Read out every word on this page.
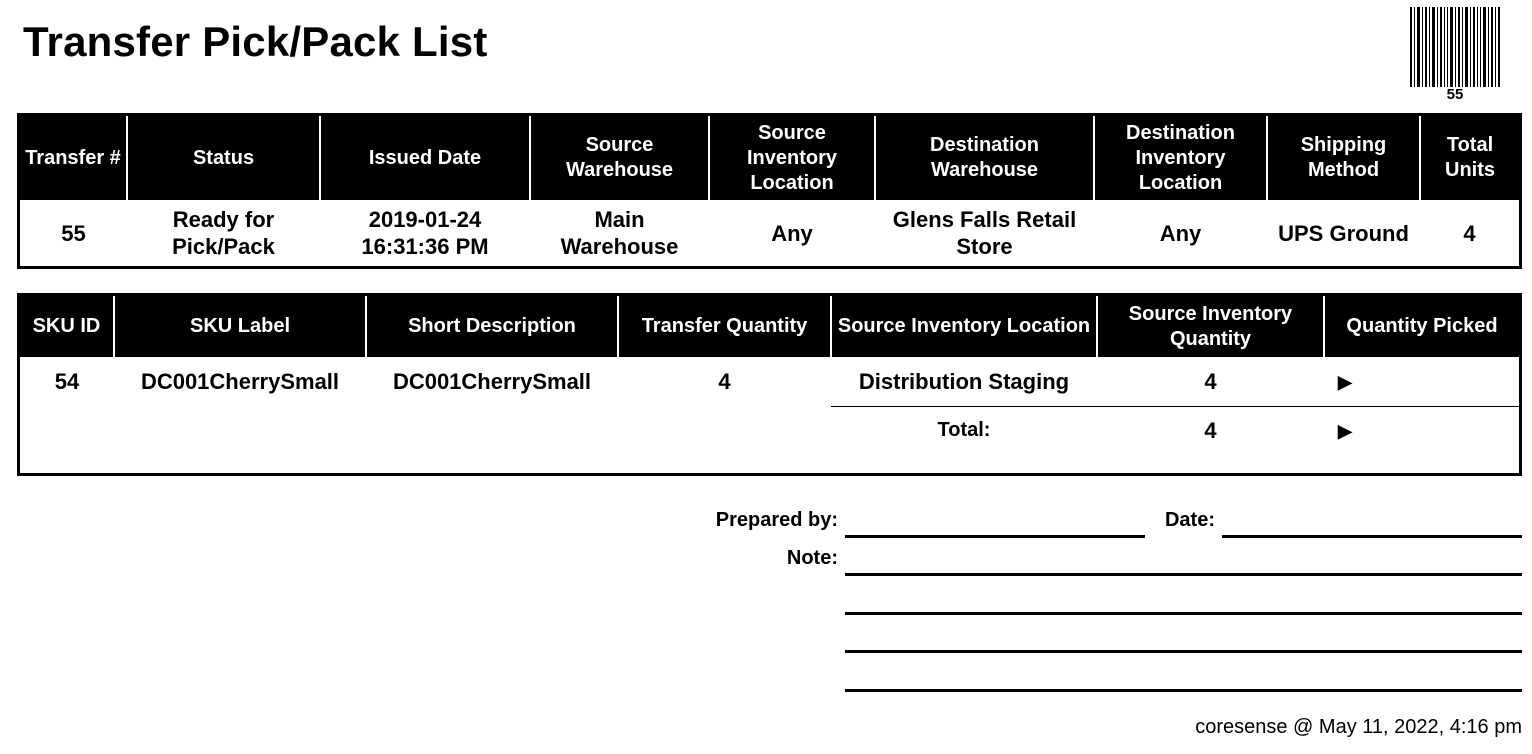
Transfer Pick/Pack List
55
Transfer #	Status	Issued Date	Source Warehouse	Source Inventory Location	Destination Warehouse	Destination Inventory Location	Shipping Method	Total Units
55	Ready for Pick/Pack	2019-01-24 16:31:36 PM	Main Warehouse	Any	Glens Falls Retail Store	Any	UPS Ground	4
SKU ID	SKU Label	Short Description	Transfer Quantity	Source Inventory Location	Source Inventory Quantity	Quantity Picked
54	DC001CherrySmall	DC001CherrySmall	4	Distribution Staging	4	▶
				Total:	4	▶
Prepared by:	Date:
Note:
coresense @ May 11, 2022, 4:16 pm
